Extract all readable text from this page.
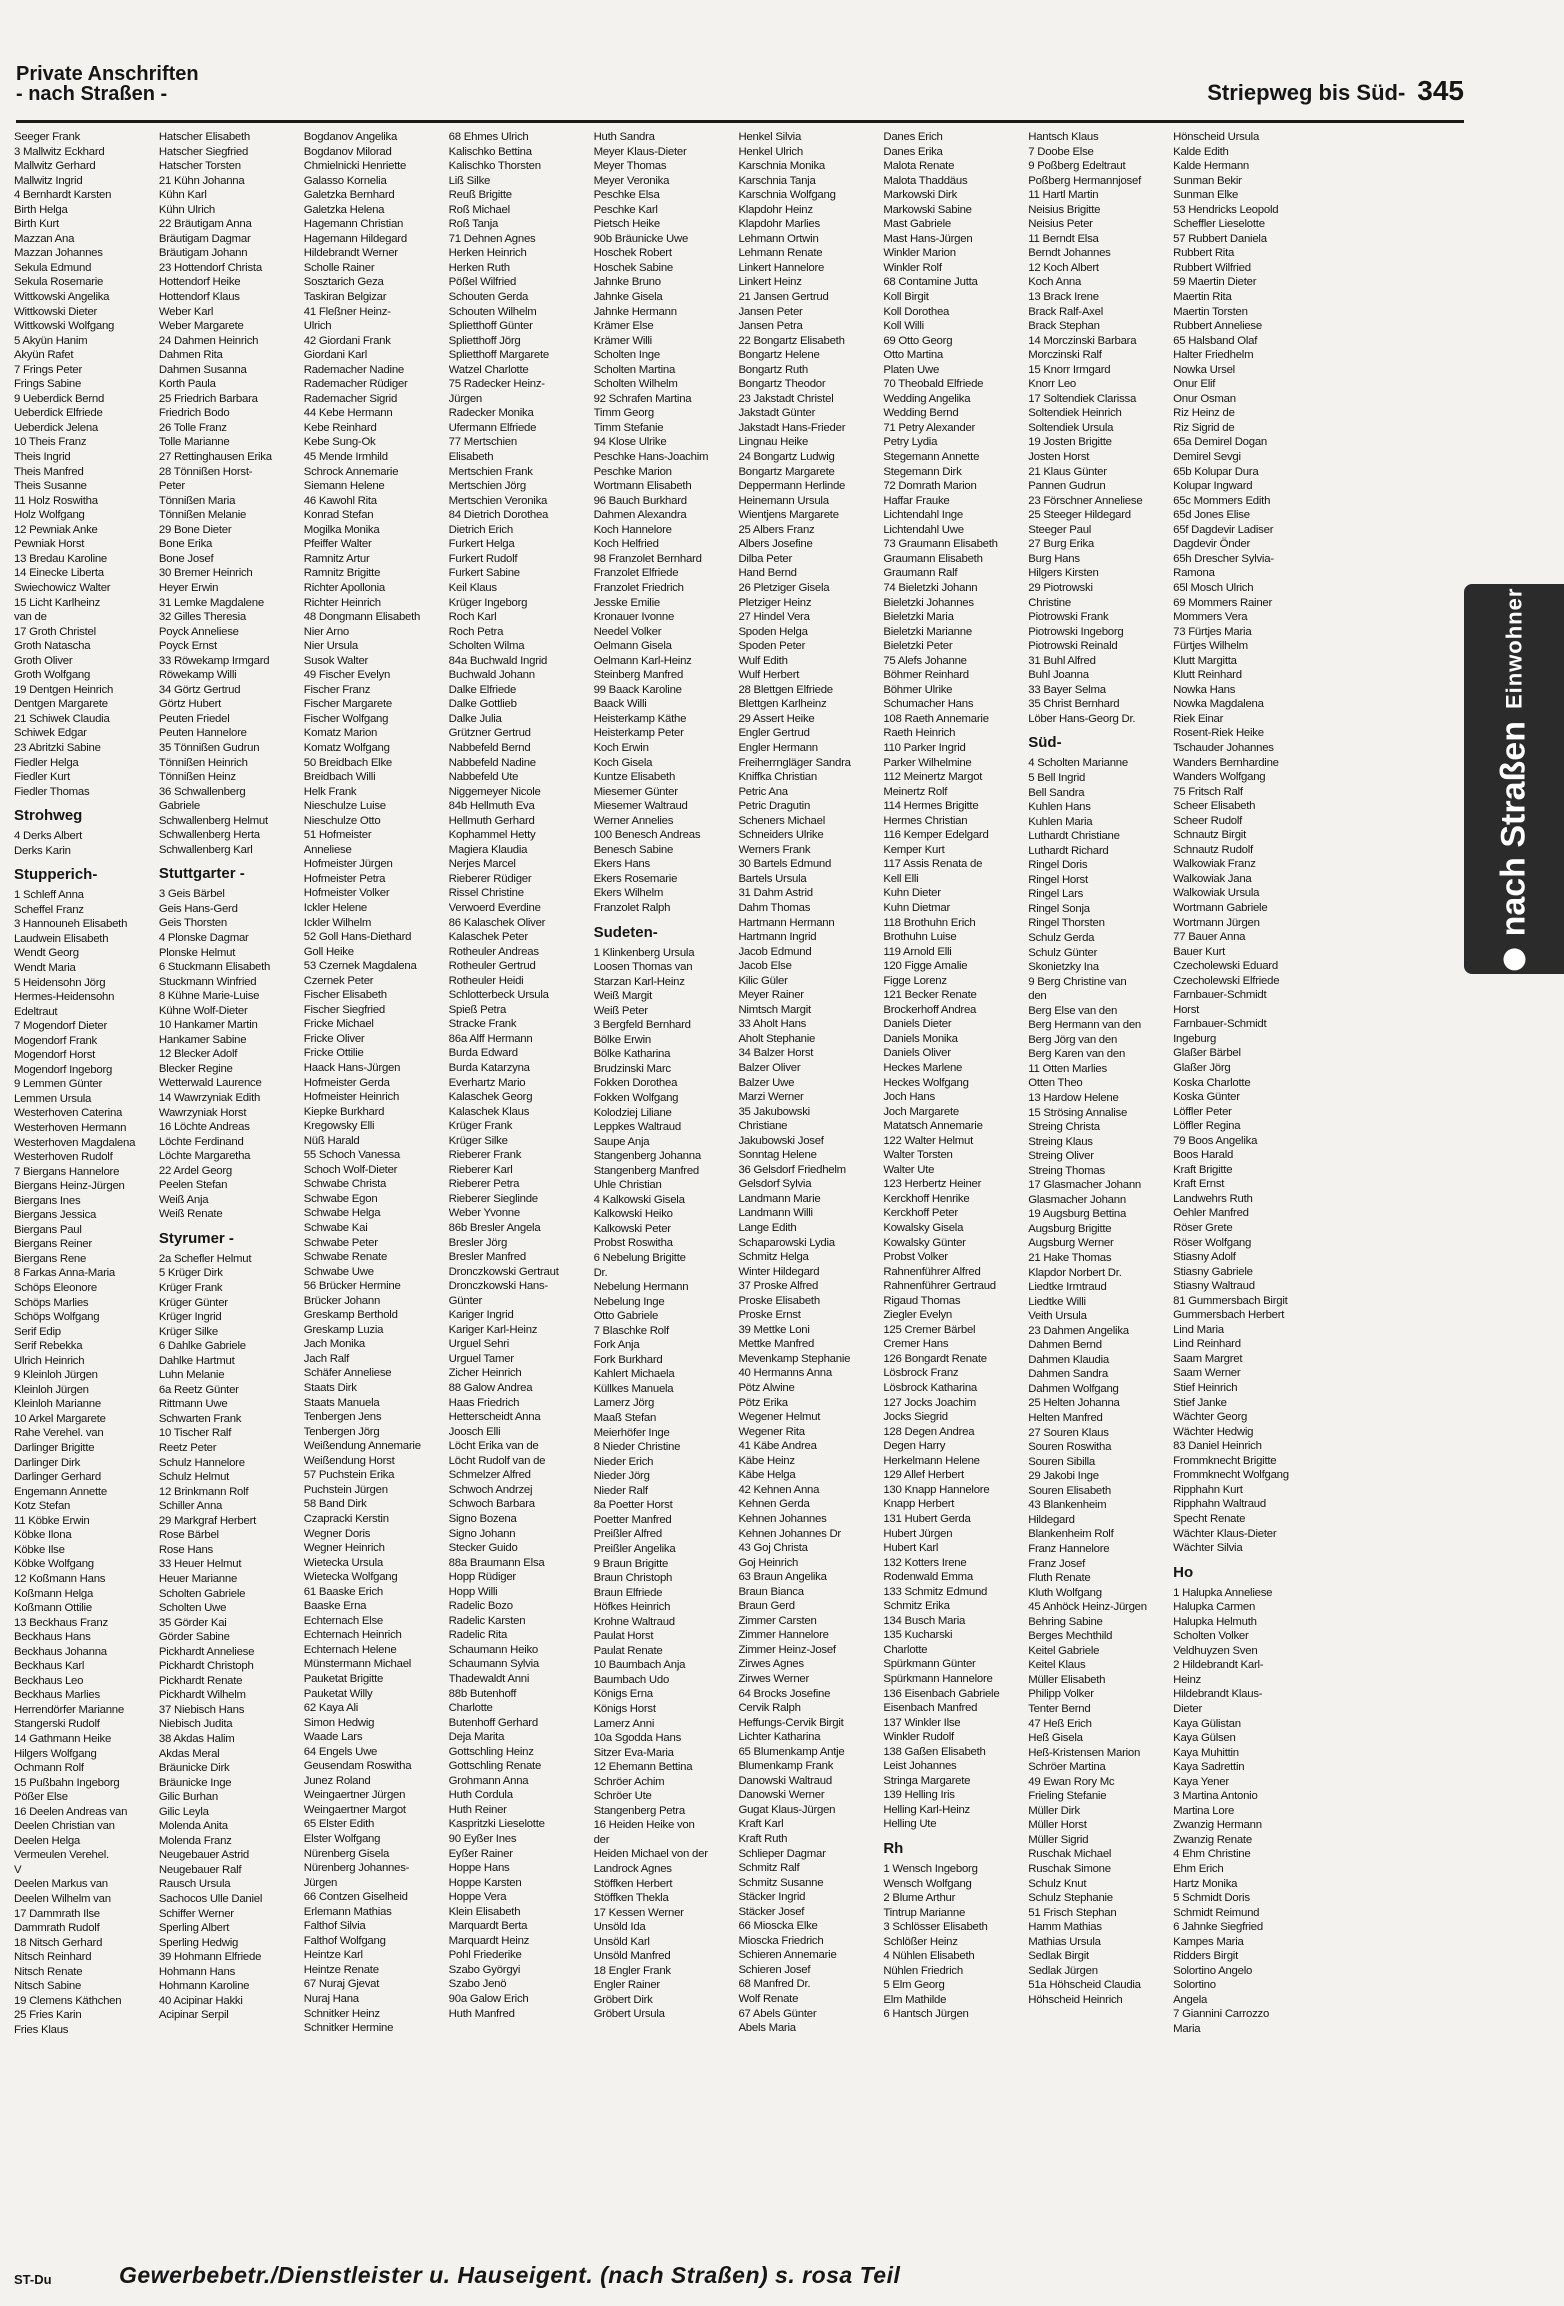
Private Anschriften
- nach Straßen -	Striepweg bis Süd- 345
Seeger Frank
3 Mallwitz Eckhard
Mallwitz Gerhard
Mallwitz Ingrid
4 Bernhardt Karsten
Birth Helga
Birth Kurt
Mazzan Ana
Mazzan Johannes
Sekula Edmund
Sekula Rosemarie
Wittkowski Angelika
Wittkowski Dieter
Wittkowski Wolfgang
5 Akyün Hanim
Akyün Rafet
7 Frings Peter
Frings Sabine
9 Ueberdick Bernd
Ueberdick Elfriede
Ueberdick Jelena
10 Theis Franz
Theis Ingrid
Theis Manfred
Theis Susanne
11 Holz Roswitha
Holz Wolfgang
12 Pewniak Anke
Pewniak Horst
13 Bredau Karoline
14 Einecke Liberta
Swiechowicz Walter
15 Licht Karlheinz
van de
17 Groth Christel
Groth Natascha
Groth Oliver
Groth Wolfgang
19 Dentgen Heinrich
Dentgen Margarete
21 Schiwek Claudia
Schiwek Edgar
23 Abritzki Sabine
Fiedler Helga
Fiedler Kurt
Fiedler Thomas
Strohweg
4 Derks Albert
Derks Karin
Stupperich-
1 Schleff Anna
Scheffel Franz
3 Hannouneh Elisabeth
Laudwein Elisabeth
Wendt Georg
Wendt Maria
5 Heidensohn Jörg
Hermes-Heidensohn
Edeltraut
7 Mogendorf Dieter
Mogendorf Frank
Mogendorf Horst
Mogendorf Ingeborg
9 Lemmen Günter
Lemmen Ursula
Westerhoven Caterina
Westerhoven Hermann
Westerhoven Magdalena
Westerhoven Rudolf
7 Biergans Hannelore
Biergans Heinz-Jürgen
Biergans Ines
Biergans Jessica
Biergans Paul
Biergans Reiner
Biergans Rene
8 Farkas Anna-Maria
Schöps Eleonore
Schöps Marlies
Schöps Wolfgang
Serif Edip
Serif Rebekka
Ulrich Heinrich
9 Kleinloh Jürgen
Kleinloh Jürgen
Kleinloh Marianne
10 Arkel Margarete
Rahe Verehel. van
Darlinger Brigitte
Darlinger Dirk
Darlinger Gerhard
Engemann Annette
Kotz Stefan
11 Köbke Erwin
Köbke Ilona
Köbke Ilse
Köbke Wolfgang
12 Koßmann Hans
Koßmann Helga
Koßmann Ottilie
13 Beckhaus Franz
Beckhaus Hans
Beckhaus Johanna
Beckhaus Karl
Beckhaus Leo
Beckhaus Marlies
Herrendörfer Marianne
Stangerski Rudolf
14 Gathmann Heike
Hilgers Wolfgang
Ochmann Rolf
15 Pußbahn Ingeborg
Pößer Else
16 Deelen Andreas van
Deelen Christian van
Deelen Helga
Vermeulen Verehel.
V
Deelen Markus van
Deelen Wilhelm van
17 Dammrath Ilse
Dammrath Rudolf
18 Nitsch Gerhard
Nitsch Reinhard
Nitsch Renate
Nitsch Sabine
19 Clemens Käthchen
25 Fries Karin
Fries Klaus
Hatscher Elisabeth
Hatscher Siegfried
Hatscher Torsten
21 Kühn Johanna
Kühn Karl
Kühn Ulrich
22 Bräutigam Anna
Bräutigam Dagmar
Bräutigam Johann
23 Hottendorf Christa
Hottendorf Heike
Hottendorf Klaus
Weber Karl
Weber Margarete
24 Dahmen Heinrich
Dahmen Rita
Dahmen Susanna
Korth Paula
25 Friedrich Barbara
Friedrich Bodo
26 Tolle Franz
Tolle Marianne
27 Rettinghausen Erika
28 Tönnißen Horst-
Peter
Tönnißen Maria
Tönnißen Melanie
29 Bone Dieter
Bone Erika
Bone Josef
30 Bremer Heinrich
Heyer Erwin
31 Lemke Magdalene
32 Gilles Theresia
Poyck Anneliese
Poyck Ernst
33 Röwekamp Irmgard
Röwekamp Willi
34 Görtz Gertrud
Görtz Hubert
Peuten Friedel
Peuten Hannelore
35 Tönnißen Gudrun
Tönnißen Heinrich
Tönnißen Heinz
36 Schwallenberg
Gabriele
Schwallenberg Helmut
Schwallenberg Herta
Schwallenberg Karl
Stuttgarter -
3 Geis Bärbel
Geis Hans-Gerd
Geis Thorsten
4 Plonske Dagmar
Plonske Helmut
6 Stuckmann Elisabeth
Stuckmann Winfried
8 Kühne Marie-Luise
Kühne Wolf-Dieter
10 Hankamer Martin
Hankamer Sabine
12 Blecker Adolf
Blecker Regine
Wetterwald Laurence
14 Wawrzyniak Edith
Wawrzyniak Horst
16 Löchte Andreas
Löchte Ferdinand
Löchte Margaretha
22 Ardel Georg
Peelen Stefan
Weiß Anja
Weiß Renate
Styrumer -
2a Schefler Helmut
5 Krüger Dirk
Krüger Frank
Krüger Günter
Krüger Ingrid
Krüger Silke
6 Dahlke Gabriele
Dahlke Hartmut
Luhn Melanie
6a Reetz Günter
Rittmann Uwe
Schwarten Frank
10 Tischer Ralf
Reetz Peter
Schulz Hannelore
Schulz Helmut
12 Brinkmann Rolf
Schiller Anna
29 Markgraf Herbert
Rose Bärbel
Rose Hans
33 Heuer Helmut
Heuer Marianne
Scholten Gabriele
Scholten Uwe
35 Görder Kai
Görder Sabine
Pickhardt Anneliese
Pickhardt Christoph
Pickhardt Renate
Pickhardt Wilhelm
37 Niebisch Hans
Niebisch Judita
38 Akdas Halim
Akdas Meral
Bräunicke Dirk
Bräunicke Inge
Gilic Burhan
Gilic Leyla
Molenda Anita
Molenda Franz
Neugebauer Astrid
Neugebauer Ralf
Rausch Ursula
Sachocos Ulle Daniel
Schiffer Werner
Sperling Albert
Sperling Hedwig
39 Hohmann Elfriede
Hohmann Hans
Hohmann Karoline
40 Acipinar Hakki
Acipinar Serpil
Bogdanov Angelika
Bogdanov Milorad
Chmielnicki Henriette
Galasso Kornelia
Galetzka Bernhard
Galetzka Helena
Hagemann Christian
Hagemann Hildegard
Hildebrandt Werner
Scholle Rainer
Sosztarich Geza
Taskiran Belgizar
41 Fleßner Heinz-
Ulrich
42 Giordani Frank
Giordani Karl
Rademacher Nadine
Rademacher Rüdiger
Rademacher Sigrid
44 Kebe Hermann
Kebe Reinhard
Kebe Sung-Ok
45 Mende Irmhild
Schrock Annemarie
Siemann Helene
46 Kawohl Rita
Konrad Stefan
Mogilka Monika
Pfeiffer Walter
Ramnitz Artur
Ramnitz Brigitte
Richter Apollonia
Richter Heinrich
48 Dongmann Elisabeth
Nier Arno
Nier Ursula
Susok Walter
49 Fischer Evelyn
Fischer Franz
Fischer Margarete
Fischer Wolfgang
Komatz Marion
Komatz Wolfgang
50 Breidbach Elke
Breidbach Willi
Helk Frank
Nieschulze Luise
Nieschulze Otto
51 Hofmeister
Anneliese
Hofmeister Jürgen
Hofmeister Petra
Hofmeister Volker
Ickler Helene
Ickler Wilhelm
52 Goll Hans-Diethard
Goll Heike
53 Czernek Magdalena
Czernek Peter
Fischer Elisabeth
Fischer Siegfried
Fricke Michael
Fricke Oliver
Fricke Ottilie
Haack Hans-Jürgen
Hofmeister Gerda
Hofmeister Heinrich
Kiepke Burkhard
Kregowsky Elli
Nüß Harald
55 Schoch Vanessa
Schoch Wolf-Dieter
Schwabe Christa
Schwabe Egon
Schwabe Helga
Schwabe Kai
Schwabe Peter
Schwabe Renate
Schwabe Uwe
56 Brücker Hermine
Brücker Johann
Greskamp Berthold
Greskamp Luzia
Jach Monika
Jach Ralf
Schäfer Anneliese
Staats Dirk
Staats Manuela
Tenbergen Jens
Tenbergen Jörg
Weißendung Annemarie
Weißendung Horst
57 Puchstein Erika
Puchstein Jürgen
58 Band Dirk
Czapracki Kerstin
Wegner Doris
Wegner Heinrich
Wietecka Ursula
Wietecka Wolfgang
61 Baaske Erich
Baaske Erna
Echternach Else
Echternach Heinrich
Echternach Helene
Münstermann Michael
Pauketat Brigitte
Pauketat Willy
62 Kaya Ali
Simon Hedwig
Waade Lars
64 Engels Uwe
Geusendam Roswitha
Junez Roland
Weingaertner Jürgen
Weingaertner Margot
65 Elster Edith
Elster Wolfgang
Nürenberg Gisela
Nürenberg Johannes-
Jürgen
66 Contzen Giselheid
Erlemann Mathias
Falthof Silvia
Falthof Wolfgang
Heintze Karl
Heintze Renate
67 Nuraj Gjevat
Nuraj Hana
Schnitker Heinz
Schnitker Hermine
68 Ehmes Ulrich
Kalischko Bettina
Kalischko Thorsten
Liß Silke
Reuß Brigitte
Roß Michael
Roß Tanja
71 Dehnen Agnes
Herken Heinrich
Herken Ruth
Pößel Wilfried
Schouten Gerda
Schouten Wilhelm
Splietthoff Günter
Splietthoff Jörg
Splietthoff Margarete
Watzel Charlotte
75 Radecker Heinz-
Jürgen
Radecker Monika
Ufermann Elfriede
77 Mertschien
Elisabeth
Mertschien Frank
Mertschien Jörg
Mertschien Veronika
84 Dietrich Dorothea
Dietrich Erich
Furkert Helga
Furkert Rudolf
Furkert Sabine
Keil Klaus
Krüger Ingeborg
Roch Karl
Roch Petra
Scholten Wilma
84a Buchwald Ingrid
Buchwald Johann
Dalke Elfriede
Dalke Gottlieb
Dalke Julia
Grützner Gertrud
Nabbefeld Bernd
Nabbefeld Nadine
Nabbefeld Ute
Niggemeyer Nicole
84b Hellmuth Eva
Hellmuth Gerhard
Kophammel Hetty
Magiera Klaudia
Nerjes Marcel
Rieberer Rüdiger
Rissel Christine
Verwoerd Everdine
86 Kalaschek Oliver
Kalaschek Peter
Rotheuler Andreas
Rotheuler Gertrud
Rotheuler Heidi
Schlotterbeck Ursula
Spieß Petra
Stracke Frank
86a Alff Hermann
Burda Edward
Burda Katarzyna
Everhartz Mario
Kalaschek Georg
Kalaschek Klaus
Krüger Frank
Krüger Silke
Rieberer Frank
Rieberer Karl
Rieberer Petra
Rieberer Sieglinde
Weber Yvonne
86b Bresler Angela
Bresler Jörg
Bresler Manfred
Dronczkowski Gertraut
Dronczkowski Hans-
Günter
Kariger Ingrid
Kariger Karl-Heinz
Urguel Sehri
Urguel Tamer
Zicher Heinrich
88 Galow Andrea
Haas Friedrich
Hetterscheidt Anna
Joosch Elli
Löcht Erika van de
Löcht Rudolf van de
Schmelzer Alfred
Schwoch Andrzej
Schwoch Barbara
Signo Bozena
Signo Johann
Stecker Guido
88a Braumann Elsa
Hopp Rüdiger
Hopp Willi
Radelic Bozo
Radelic Karsten
Radelic Rita
Schaumann Heiko
Schaumann Sylvia
Thadewaldt Anni
88b Butenhoff
Charlotte
Butenhoff Gerhard
Deja Marita
Gottschling Heinz
Gottschling Renate
Grohmann Anna
Huth Cordula
Huth Reiner
Kaspritzki Lieselotte
90 Eyßer Ines
Eyßer Rainer
Hoppe Hans
Hoppe Karsten
Hoppe Vera
Klein Elisabeth
Marquardt Berta
Marquardt Heinz
Pohl Friederike
Szabo Györgyi
Szabo Jenö
90a Galow Erich
Huth Manfred
Huth Sandra
Meyer Klaus-Dieter
Meyer Thomas
Meyer Veronika
Peschke Elsa
Peschke Karl
Pietsch Heike
90b Bräunicke Uwe
Hoschek Robert
Hoschek Sabine
Jahnke Bruno
Jahnke Gisela
Jahnke Hermann
Krämer Else
Krämer Willi
Scholten Inge
Scholten Martina
Scholten Wilhelm
92 Schrafen Martina
Timm Georg
Timm Stefanie
94 Klose Ulrike
Peschke Hans-Joachim
Peschke Marion
Wortmann Elisabeth
96 Bauch Burkhard
Dahmen Alexandra
Koch Hannelore
Koch Helfried
98 Franzolet Bernhard
Franzolet Elfriede
Franzolet Friedrich
Jesske Emilie
Kronauer Ivonne
Needel Volker
Oelmann Gisela
Oelmann Karl-Heinz
Steinberg Manfred
99 Baack Karoline
Baack Willi
Heisterkamp Käthe
Heisterkamp Peter
Koch Erwin
Koch Gisela
Kuntze Elisabeth
Miesemer Günter
Miesemer Waltraud
Werner Annelies
100 Benesch Andreas
Benesch Sabine
Ekers Hans
Ekers Rosemarie
Ekers Wilhelm
Franzolet Ralph
Sudeten-
1 Klinkenberg Ursula
Loosen Thomas van
Starzan Karl-Heinz
Weiß Margit
Weiß Peter
3 Bergfeld Bernhard
Bölke Erwin
Bölke Katharina
Brudzinski Marc
Fokken Dorothea
Fokken Wolfgang
Kolodziej Liliane
Leppkes Waltraud
Saupe Anja
Stangenberg Johanna
Stangenberg Manfred
Uhle Christian
4 Kalkowski Gisela
Kalkowski Heiko
Kalkowski Peter
Probst Roswitha
6 Nebelung Brigitte
Dr.
Nebelung Hermann
Nebelung Inge
Otto Gabriele
7 Blaschke Rolf
Fork Anja
Fork Burkhard
Kahlert Michaela
Küllkes Manuela
Lamerz Jörg
Maaß Stefan
Meierhöfer Inge
8 Nieder Christine
Nieder Erich
Nieder Jörg
Nieder Ralf
8a Poetter Horst
Poetter Manfred
Preißler Alfred
Preißler Angelika
9 Braun Brigitte
Braun Christoph
Braun Elfriede
Höfkes Heinrich
Krohne Waltraud
Paulat Horst
Paulat Renate
10 Baumbach Anja
Baumbach Udo
Königs Erna
Königs Horst
Lamerz Anni
10a Sgodda Hans
Sitzer Eva-Maria
12 Ehemann Bettina
Schröer Achim
Schröer Ute
Stangenberg Petra
16 Heiden Heike von
der
Heiden Michael von der
Landrock Agnes
Stöffken Herbert
Stöffken Thekla
17 Kessen Werner
Unsöld Ida
Unsöld Karl
Unsöld Manfred
18 Engler Frank
Engler Rainer
Gröbert Dirk
Gröbert Ursula
Henkel Silvia
Henkel Ulrich
Karschnia Monika
Karschnia Tanja
Karschnia Wolfgang
Klapdohr Heinz
Klapdohr Marlies
Lehmann Ortwin
Lehmann Renate
Linkert Hannelore
Linkert Heinz
21 Jansen Gertrud
Jansen Peter
Jansen Petra
22 Bongartz Elisabeth
Bongartz Helene
Bongartz Ruth
Bongartz Theodor
23 Jakstadt Christel
Jakstadt Günter
Jakstadt Hans-Frieder
Lingnau Heike
24 Bongartz Ludwig
Bongartz Margarete
Deppermann Herlinde
Heinemann Ursula
Wientjens Margarete
25 Albers Franz
Albers Josefine
Dilba Peter
Hand Bernd
26 Pletziger Gisela
Pletziger Heinz
27 Hindel Vera
Spoden Helga
Spoden Peter
Wulf Edith
Wulf Herbert
28 Blettgen Elfriede
Blettgen Karlheinz
29 Assert Heike
Engler Gertrud
Engler Hermann
Freiherrngläger Sandra
Kniffka Christian
Petric Ana
Petric Dragutin
Scheners Michael
Schneiders Ulrike
Werners Frank
30 Bartels Edmund
Bartels Ursula
31 Dahm Astrid
Dahm Thomas
Hartmann Hermann
Hartmann Ingrid
Jacob Edmund
Jacob Else
Kilic Güler
Meyer Rainer
Nimtsch Margit
33 Aholt Hans
Aholt Stephanie
34 Balzer Horst
Balzer Oliver
Balzer Uwe
Marzi Werner
35 Jakubowski
Christiane
Jakubowski Josef
Sonntag Helene
36 Gelsdorf Friedhelm
Gelsdorf Sylvia
Landmann Marie
Landmann Willi
Lange Edith
Schaparowski Lydia
Schmitz Helga
Winter Hildegard
37 Proske Alfred
Proske Elisabeth
Proske Ernst
39 Mettke Loni
Mettke Manfred
Mevenkamp Stephanie
40 Hermanns Anna
Pötz Alwine
Pötz Erika
Wegener Helmut
Wegener Rita
41 Käbe Andrea
Käbe Heinz
Käbe Helga
42 Kehnen Anna
Kehnen Gerda
Kehnen Johannes
Kehnen Johannes Dr
43 Goj Christa
Goj Heinrich
63 Braun Angelika
Braun Bianca
Braun Gerd
Zimmer Carsten
Zimmer Hannelore
Zimmer Heinz-Josef
Zirwes Agnes
Zirwes Werner
64 Brocks Josefine
Cervik Ralph
Heffungs-Cervik Birgit
Lichter Katharina
65 Blumenkamp Antje
Blumenkamp Frank
Danowski Waltraud
Danowski Werner
Gugat Klaus-Jürgen
Kraft Karl
Kraft Ruth
Schlieper Dagmar
Schmitz Ralf
Schmitz Susanne
Stäcker Ingrid
Stäcker Josef
66 Mioscka Elke
Mioscka Friedrich
Schieren Annemarie
Schieren Josef
68 Manfred Dr.
Wolf Renate
67 Abels Günter
Abels Maria
Danes Erich
Danes Erika
Malota Renate
Malota Thaddäus
Markowski Dirk
Markowski Sabine
Mast Gabriele
Mast Hans-Jürgen
Winkler Marion
Winkler Rolf
68 Contamine Jutta
Koll Birgit
Koll Dorothea
Koll Willi
69 Otto Georg
Otto Martina
Platen Uwe
70 Theobald Elfriede
Wedding Angelika
Wedding Bernd
71 Petry Alexander
Petry Lydia
Stegemann Annette
Stegemann Dirk
72 Domrath Marion
Haffar Frauke
Lichtendahl Inge
Lichtendahl Uwe
73 Graumann Elisabeth
Graumann Elisabeth
Graumann Ralf
74 Bieletzki Johann
Bieletzki Johannes
Bieletzki Maria
Bieletzki Marianne
Bieletzki Peter
75 Alefs Johanne
Böhmer Reinhard
Böhmer Ulrike
Schumacher Hans
108 Raeth Annemarie
Raeth Heinrich
110 Parker Ingrid
Parker Wilhelmine
112 Meinertz Margot
Meinertz Rolf
114 Hermes Brigitte
Hermes Christian
116 Kemper Edelgard
Kemper Kurt
117 Assis Renata de
Kell Elli
Kuhn Dieter
Kuhn Dietmar
118 Brothuhn Erich
Brothuhn Luise
119 Arnold Elli
120 Figge Amalie
Figge Lorenz
121 Becker Renate
Brockerhoff Andrea
Daniels Dieter
Daniels Monika
Daniels Oliver
Heckes Marlene
Heckes Wolfgang
Joch Hans
Joch Margarete
Matatsch Annemarie
122 Walter Helmut
Walter Torsten
Walter Ute
123 Herbertz Heiner
Kerckhoff Henrike
Kerckhoff Peter
Kowalsky Gisela
Kowalsky Günter
Probst Volker
Rahnenführer Alfred
Rahnenführer Gertraud
Rigaud Thomas
Ziegler Evelyn
125 Cremer Bärbel
Cremer Hans
126 Bongardt Renate
Lösbrock Franz
Lösbrock Katharina
127 Jocks Joachim
Jocks Siegrid
128 Degen Andrea
Degen Harry
Herkelmann Helene
129 Allef Herbert
130 Knapp Hannelore
Knapp Herbert
131 Hubert Gerda
Hubert Jürgen
Hubert Karl
132 Kotters Irene
Rodenwald Emma
133 Schmitz Edmund
Schmitz Erika
134 Busch Maria
135 Kucharski
Charlotte
Spürkmann Günter
Spürkmann Hannelore
136 Eisenbach Gabriele
Eisenbach Manfred
137 Winkler Ilse
Winkler Rudolf
138 Gaßen Elisabeth
Leist Johannes
Stringa Margarete
139 Helling Iris
Helling Karl-Heinz
Helling Ute
Rh
1 Wensch Ingeborg
Wensch Wolfgang
2 Blume Arthur
Tintrup Marianne
3 Schlösser Elisabeth
Schlößer Heinz
4 Nühlen Elisabeth
Nühlen Friedrich
5 Elm Georg
Elm Mathilde
6 Hantsch Jürgen
Hantsch Klaus
7 Doobe Else
9 Poßberg Edeltraut
Poßberg Hermannjosef
11 Hartl Martin
Neisius Brigitte
Neisius Peter
11 Berndt Elsa
Berndt Johannes
12 Koch Albert
Koch Anna
13 Brack Irene
Brack Ralf-Axel
Brack Stephan
14 Morczinski Barbara
Morczinski Ralf
15 Knorr Irmgard
Knorr Leo
17 Soltendiek Clarissa
Soltendiek Heinrich
Soltendiek Ursula
19 Josten Brigitte
Josten Horst
21 Klaus Günter
Pannen Gudrun
23 Förschner Anneliese
25 Steeger Hildegard
Steeger Paul
27 Burg Erika
Burg Hans
Hilgers Kirsten
29 Piotrowski
Christine
Piotrowski Frank
Piotrowski Ingeborg
Piotrowski Reinald
31 Buhl Alfred
Buhl Joanna
33 Bayer Selma
35 Christ Bernhard
Löber Hans-Georg Dr.
Süd-
4 Scholten Marianne
5 Bell Ingrid
Bell Sandra
Kuhlen Hans
Kuhlen Maria
Luthardt Christiane
Luthardt Richard
Ringel Doris
Ringel Horst
Ringel Lars
Ringel Sonja
Ringel Thorsten
Schulz Gerda
Schulz Günter
Skonietzky Ina
9 Berg Christine van
den
Berg Else van den
Berg Hermann van den
Berg Jörg van den
Berg Karen van den
11 Otten Marlies
Otten Theo
13 Hardow Helene
15 Strösing Annalise
Streing Christa
Streing Klaus
Streing Oliver
Streing Thomas
17 Glasmacher Johann
Glasmacher Johann
19 Augsburg Bettina
Augsburg Brigitte
Augsburg Werner
21 Hake Thomas
Klapdor Norbert Dr.
Liedtke Irmtraud
Liedtke Willi
Veith Ursula
23 Dahmen Angelika
Dahmen Bernd
Dahmen Klaudia
Dahmen Sandra
Dahmen Wolfgang
25 Helten Johanna
Helten Manfred
27 Souren Klaus
Souren Roswitha
Souren Sibilla
29 Jakobi Inge
Souren Elisabeth
43 Blankenheim
Hildegard
Blankenheim Rolf
Franz Hannelore
Franz Josef
Fluth Renate
Kluth Wolfgang
45 Anhöck Heinz-Jürgen
Behring Sabine
Berges Mechthild
Keitel Gabriele
Keitel Klaus
Müller Elisabeth
Philipp Volker
Tenter Bernd
47 Heß Erich
Heß Gisela
Heß-Kristensen Marion
Schröer Martina
49 Ewan Rory Mc
Frieling Stefanie
Müller Dirk
Müller Horst
Müller Sigrid
Ruschak Michael
Ruschak Simone
Schulz Knut
Schulz Stephanie
51 Frisch Stephan
Hamm Mathias
Mathias Ursula
Sedlak Birgit
Sedlak Jürgen
51a Höhscheid Claudia
Höhscheid Heinrich
Hönscheid Ursula
Kalde Edith
Kalde Hermann
Sunman Bekir
Sunman Elke
53 Hendricks Leopold
Scheffler Lieselotte
57 Rubbert Daniela
Rubbert Rita
Rubbert Wilfried
59 Maertin Dieter
Maertin Rita
Maertin Torsten
Rubbert Anneliese
65 Halsband Olaf
Halter Friedhelm
Nowka Ursel
Onur Elif
Onur Osman
Riz Heinz de
Riz Sigrid de
65a Demirel Dogan
Demirel Sevgi
65b Kolupar Dura
Kolupar Ingward
65c Mommers Edith
65d Jones Elise
65f Dagdevir Ladiser
Dagdevir Önder
65h Drescher Sylvia-
Ramona
65l Mosch Ulrich
69 Mommers Rainer
Mommers Vera
73 Fürtjes Maria
Fürtjes Wilhelm
Klutt Margitta
Klutt Reinhard
Nowka Hans
Nowka Magdalena
Riek Einar
Rosent-Riek Heike
Tschauder Johannes
Wanders Bernhardine
Wanders Wolfgang
75 Fritsch Ralf
Scheer Elisabeth
Scheer Rudolf
Schnautz Birgit
Schnautz Rudolf
Walkowiak Franz
Walkowiak Jana
Walkowiak Ursula
Wortmann Gabriele
Wortmann Jürgen
77 Bauer Anna
Bauer Kurt
Czecholewski Eduard
Czecholewski Elfriede
Farnbauer-Schmidt
Horst
Farnbauer-Schmidt
Ingeburg
Glaßer Bärbel
Glaßer Jörg
Koska Charlotte
Koska Günter
Löffler Peter
Löffler Regina
79 Boos Angelika
Boos Harald
Kraft Brigitte
Kraft Ernst
Landwehrs Ruth
Oehler Manfred
Röser Grete
Röser Wolfgang
Stiasny Adolf
Stiasny Gabriele
Stiasny Waltraud
81 Gummersbach Birgit
Gummersbach Herbert
Lind Maria
Lind Reinhard
Saam Margret
Saam Werner
Stief Heinrich
Stief Janke
Wächter Georg
Wächter Hedwig
83 Daniel Heinrich
Frommknecht Brigitte
Frommknecht Wolfgang
Ripphahn Kurt
Ripphahn Waltraud
Specht Renate
Wächter Klaus-Dieter
Wächter Silvia
Ho
1 Halupka Anneliese
Halupka Carmen
Halupka Helmuth
Scholten Volker
Veldhuyzen Sven
2 Hildebrandt Karl-
Heinz
Hildebrandt Klaus-
Dieter
Kaya Gülistan
Kaya Gülsen
Kaya Muhittin
Kaya Sadrettin
Kaya Yener
3 Martina Antonio
Martina Lore
Zwanzig Hermann
Zwanzig Renate
4 Ehm Christine
Ehm Erich
Hartz Monika
5 Schmidt Doris
Schmidt Reimund
6 Jahnke Siegfried
Kampes Maria
Ridders Birgit
Solortino Angelo
Solortino
Angela
7 Giannini Carrozzo
Maria
nach Straßen
Einwohner
ST-Du	Gewerbebetr./Dienstleister u. Hauseigent. (nach Straßen) s. rosa Teil
